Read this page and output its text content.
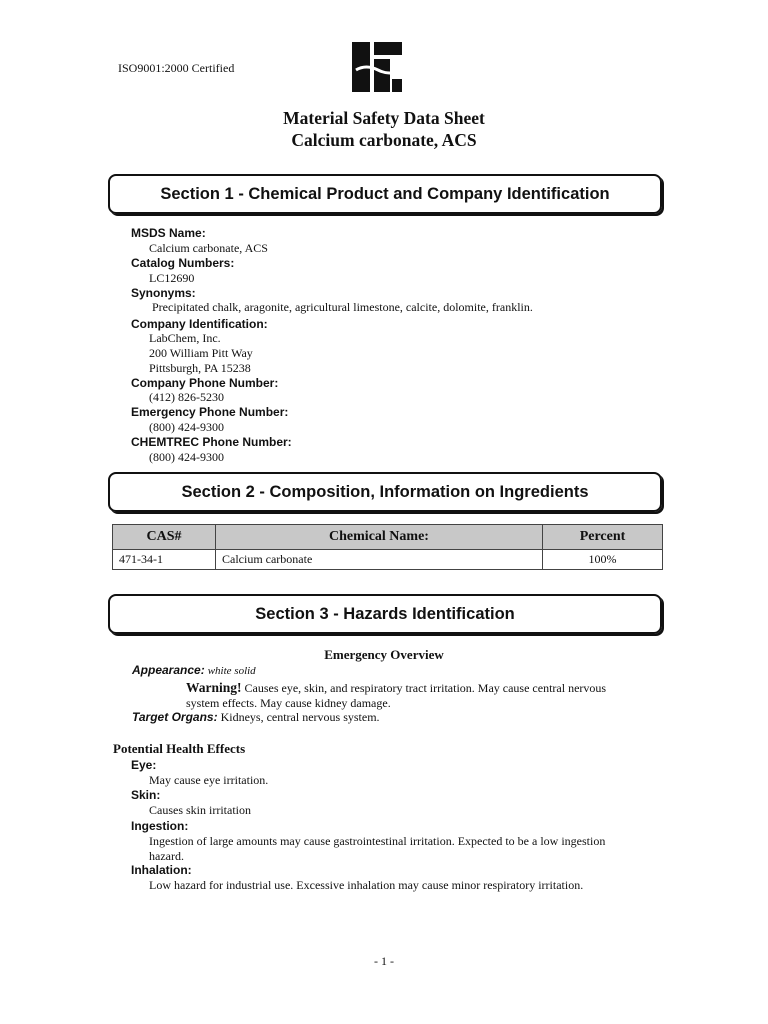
ISO9001:2000 Certified
Material Safety Data Sheet
Calcium carbonate, ACS
Section 1 - Chemical Product and Company Identification
MSDS Name:
Calcium carbonate, ACS
Catalog Numbers:
LC12690
Synonyms:
Precipitated chalk, aragonite, agricultural limestone, calcite, dolomite, franklin.
Company Identification:
LabChem, Inc.
200 William Pitt Way
Pittsburgh, PA 15238
Company Phone Number:
(412) 826-5230
Emergency Phone Number:
(800) 424-9300
CHEMTREC Phone Number:
(800) 424-9300
Section 2 - Composition, Information on Ingredients
CAS#	Chemical Name:	Percent
471-34-1	Calcium carbonate	100%
Section 3 - Hazards Identification
Emergency Overview
Appearance: white solid
Warning! Causes eye, skin, and respiratory tract irritation. May cause central nervous
system effects. May cause kidney damage.
Target Organs: Kidneys, central nervous system.
Potential Health Effects
Eye:
May cause eye irritation.
Skin:
Causes skin irritation
Ingestion:
Ingestion of large amounts may cause gastrointestinal irritation. Expected to be a low ingestion
hazard.
Inhalation:
Low hazard for industrial use. Excessive inhalation may cause minor respiratory irritation.
- 1 -
